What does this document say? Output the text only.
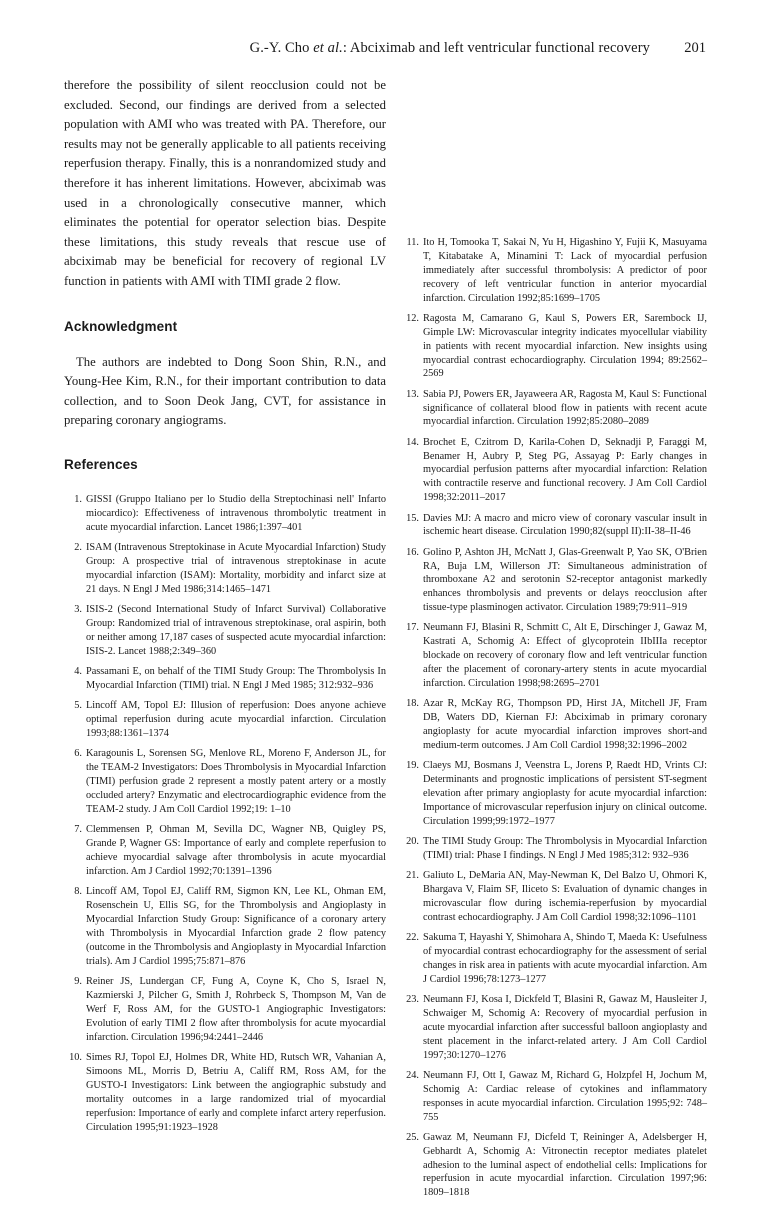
G.-Y. Cho et al.: Abciximab and left ventricular functional recovery 201

therefore the possibility of silent reocclusion could not be excluded. Second, our findings are derived from a selected population with AMI who was treated with PA. Therefore, our results may not be generally applicable to all patients receiving reperfusion therapy. Finally, this is a nonrandomized study and therefore it has inherent limitations. However, abciximab was used in a chronologically consecutive manner, which eliminates the potential for operator selection bias. Despite these limitations, this study reveals that rescue use of abciximab may be beneficial for recovery of regional LV function in patients with AMI with TIMI grade 2 flow.

Acknowledgment

The authors are indebted to Dong Soon Shin, R.N., and Young-Hee Kim, R.N., for their important contribution to data collection, and to Soon Deok Jang, CVT, for assistance in preparing coronary angiograms.

References
1. GISSI (Gruppo Italiano per lo Studio della Streptochinasi nell' Infarto miocardico): Effectiveness of intravenous thrombolytic treatment in acute myocardial infarction. Lancet 1986;1:397–401
2. ISAM (Intravenous Streptokinase in Acute Myocardial Infarction) Study Group: A prospective trial of intravenous streptokinase in acute myocardial infarction (ISAM): Mortality, morbidity and infarct size at 21 days. N Engl J Med 1986;314:1465–1471
3. ISIS-2 (Second International Study of Infarct Survival) Collaborative Group: Randomized trial of intravenous streptokinase, oral aspirin, both or neither among 17,187 cases of suspected acute myocardial infarction: ISIS-2. Lancet 1988;2:349–360
4. Passamani E, on behalf of the TIMI Study Group: The Thrombolysis In Myocardial Infarction (TIMI) trial. N Engl J Med 1985; 312:932–936
5. Lincoff AM, Topol EJ: Illusion of reperfusion: Does anyone achieve optimal reperfusion during acute myocardial infarction. Circulation 1993;88:1361–1374
6. Karagounis L, Sorensen SG, Menlove RL, Moreno F, Anderson JL, for the TEAM-2 Investigators: Does Thrombolysis in Myocardial Infarction (TIMI) perfusion grade 2 represent a mostly patent artery or a mostly occluded artery? Enzymatic and electrocardiographic evidence from the TEAM-2 study. J Am Coll Cardiol 1992;19: 1–10
7. Clemmensen P, Ohman M, Sevilla DC, Wagner NB, Quigley PS, Grande P, Wagner GS: Importance of early and complete reperfusion to achieve myocardial salvage after thrombolysis in acute myocardial infarction. Am J Cardiol 1992;70:1391–1396
8. Lincoff AM, Topol EJ, Califf RM, Sigmon KN, Lee KL, Ohman EM, Rosenschein U, Ellis SG, for the Thrombolysis and Angioplasty in Myocardial Infarction Study Group: Significance of a coronary artery with Thrombolysis in Myocardial Infarction grade 2 flow patency (outcome in the Thrombolysis and Angioplasty in Myocardial Infarction trials). Am J Cardiol 1995;75:871–876
9. Reiner JS, Lundergan CF, Fung A, Coyne K, Cho S, Israel N, Kazmierski J, Pilcher G, Smith J, Rohrbeck S, Thompson M, Van de Werf F, Ross AM, for the GUSTO-1 Angiographic Investigators: Evolution of early TIMI 2 flow after thrombolysis for acute myocardial infarction. Circulation 1996;94:2441–2446
10. Simes RJ, Topol EJ, Holmes DR, White HD, Rutsch WR, Vahanian A, Simoons ML, Morris D, Betriu A, Califf RM, Ross AM, for the GUSTO-I Investigators: Link between the angiographic substudy and mortality outcomes in a large randomized trial of myocardial reperfusion: Importance of early and complete infarct artery reperfusion. Circulation 1995;91:1923–1928
11. Ito H, Tomooka T, Sakai N, Yu H, Higashino Y, Fujii K, Masuyama T, Kitabatake A, Minamini T: Lack of myocardial perfusion immediately after successful thrombolysis: A predictor of poor recovery of left ventricular function in anterior myocardial infarction. Circulation 1992;85:1699–1705
12. Ragosta M, Camarano G, Kaul S, Powers ER, Sarembock IJ, Gimple LW: Microvascular integrity indicates myocellular viability in patients with recent myocardial infarction. New insights using myocardial contrast echocardiography. Circulation 1994; 89:2562–2569
13. Sabia PJ, Powers ER, Jayaweera AR, Ragosta M, Kaul S: Functional significance of collateral blood flow in patients with recent acute myocardial infarction. Circulation 1992;85:2080–2089
14. Brochet E, Czitrom D, Karila-Cohen D, Seknadji P, Faraggi M, Benamer H, Aubry P, Steg PG, Assayag P: Early changes in myocardial perfusion patterns after myocardial infarction: Relation with contractile reserve and functional recovery. J Am Coll Cardiol 1998;32:2011–2017
15. Davies MJ: A macro and micro view of coronary vascular insult in ischemic heart disease. Circulation 1990;82(suppl II):II-38–II-46
16. Golino P, Ashton JH, McNatt J, Glas-Greenwalt P, Yao SK, O'Brien RA, Buja LM, Willerson JT: Simultaneous administration of thromboxane A2 and serotonin S2-receptor antagonist markedly enhances thrombolysis and prevents or delays reocclusion after tissue-type plasminogen activator. Circulation 1989;79:911–919
17. Neumann FJ, Blasini R, Schmitt C, Alt E, Dirschinger J, Gawaz M, Kastrati A, Schomig A: Effect of glycoprotein IIbIIIa receptor blockade on recovery of coronary flow and left ventricular function after the placement of coronary-artery stents in acute myocardial infarction. Circulation 1998;98:2695–2701
18. Azar R, McKay RG, Thompson PD, Hirst JA, Mitchell JF, Fram DB, Waters DD, Kiernan FJ: Abciximab in primary coronary angioplasty for acute myocardial infarction improves short-and medium-term outcomes. J Am Coll Cardiol 1998;32:1996–2002
19. Claeys MJ, Bosmans J, Veenstra L, Jorens P, Raedt HD, Vrints CJ: Determinants and prognostic implications of persistent ST-segment elevation after primary angioplasty for acute myocardial infarction: Importance of microvascular reperfusion injury on clinical outcome. Circulation 1999;99:1972–1977
20. The TIMI Study Group: The Thrombolysis in Myocardial Infarction (TIMI) trial: Phase I findings. N Engl J Med 1985;312: 932–936
21. Galiuto L, DeMaria AN, May-Newman K, Del Balzo U, Ohmori K, Bhargava V, Flaim SF, Iliceto S: Evaluation of dynamic changes in microvascular flow during ischemia-reperfusion by myocardial contrast echocardiography. J Am Coll Cardiol 1998;32:1096–1101
22. Sakuma T, Hayashi Y, Shimohara A, Shindo T, Maeda K: Usefulness of myocardial contrast echocardiography for the assessment of serial changes in risk area in patients with acute myocardial infarction. Am J Cardiol 1996;78:1273–1277
23. Neumann FJ, Kosa I, Dickfeld T, Blasini R, Gawaz M, Hausleiter J, Schwaiger M, Schomig A: Recovery of myocardial perfusion in acute myocardial infarction after successful balloon angioplasty and stent placement in the infarct-related artery. J Am Coll Cardiol 1997;30:1270–1276
24. Neumann FJ, Ott I, Gawaz M, Richard G, Holzpfel H, Jochum M, Schomig A: Cardiac release of cytokines and inflammatory responses in acute myocardial infarction. Circulation 1995;92: 748–755
25. Gawaz M, Neumann FJ, Dicfeld T, Reininger A, Adelsberger H, Gebhardt A, Schomig A: Vitronectin receptor mediates platelet adhesion to the luminal aspect of endothelial cells: Implications for reperfusion in acute myocardial infarction. Circulation 1997;96: 1809–1818
